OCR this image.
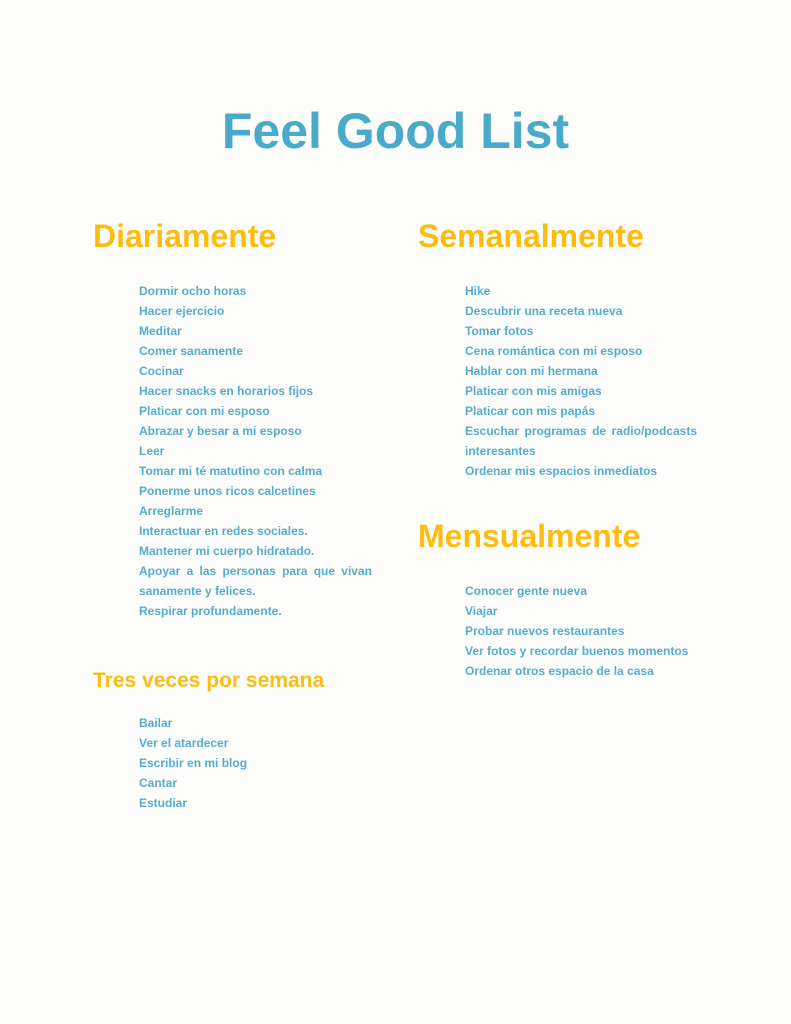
Feel Good List
Diariamente
Dormir ocho horas
Hacer ejercicio
Meditar
Comer sanamente
Cocinar
Hacer snacks en horarios fijos
Platicar con mi esposo
Abrazar y besar a mi esposo
Leer
Tomar mi té matutino con calma
Ponerme unos ricos calcetines
Arreglarme
Interactuar en redes sociales.
Mantener mi cuerpo hidratado.
Apoyar a las personas para que vivan sanamente y felices.
Respirar profundamente.
Tres veces por semana
Bailar
Ver el atardecer
Escribir en mi blog
Cantar
Estudiar
Semanalmente
Hike
Descubrir una receta nueva
Tomar fotos
Cena romántica con mi esposo
Hablar con mi hermana
Platicar con mis amigas
Platicar con mis papás
Escuchar programas de radio/podcasts interesantes
Ordenar mis espacios inmediatos
Mensualmente
Conocer gente nueva
Viajar
Probar nuevos restaurantes
Ver fotos y recordar buenos momentos
Ordenar otros espacio de la casa
